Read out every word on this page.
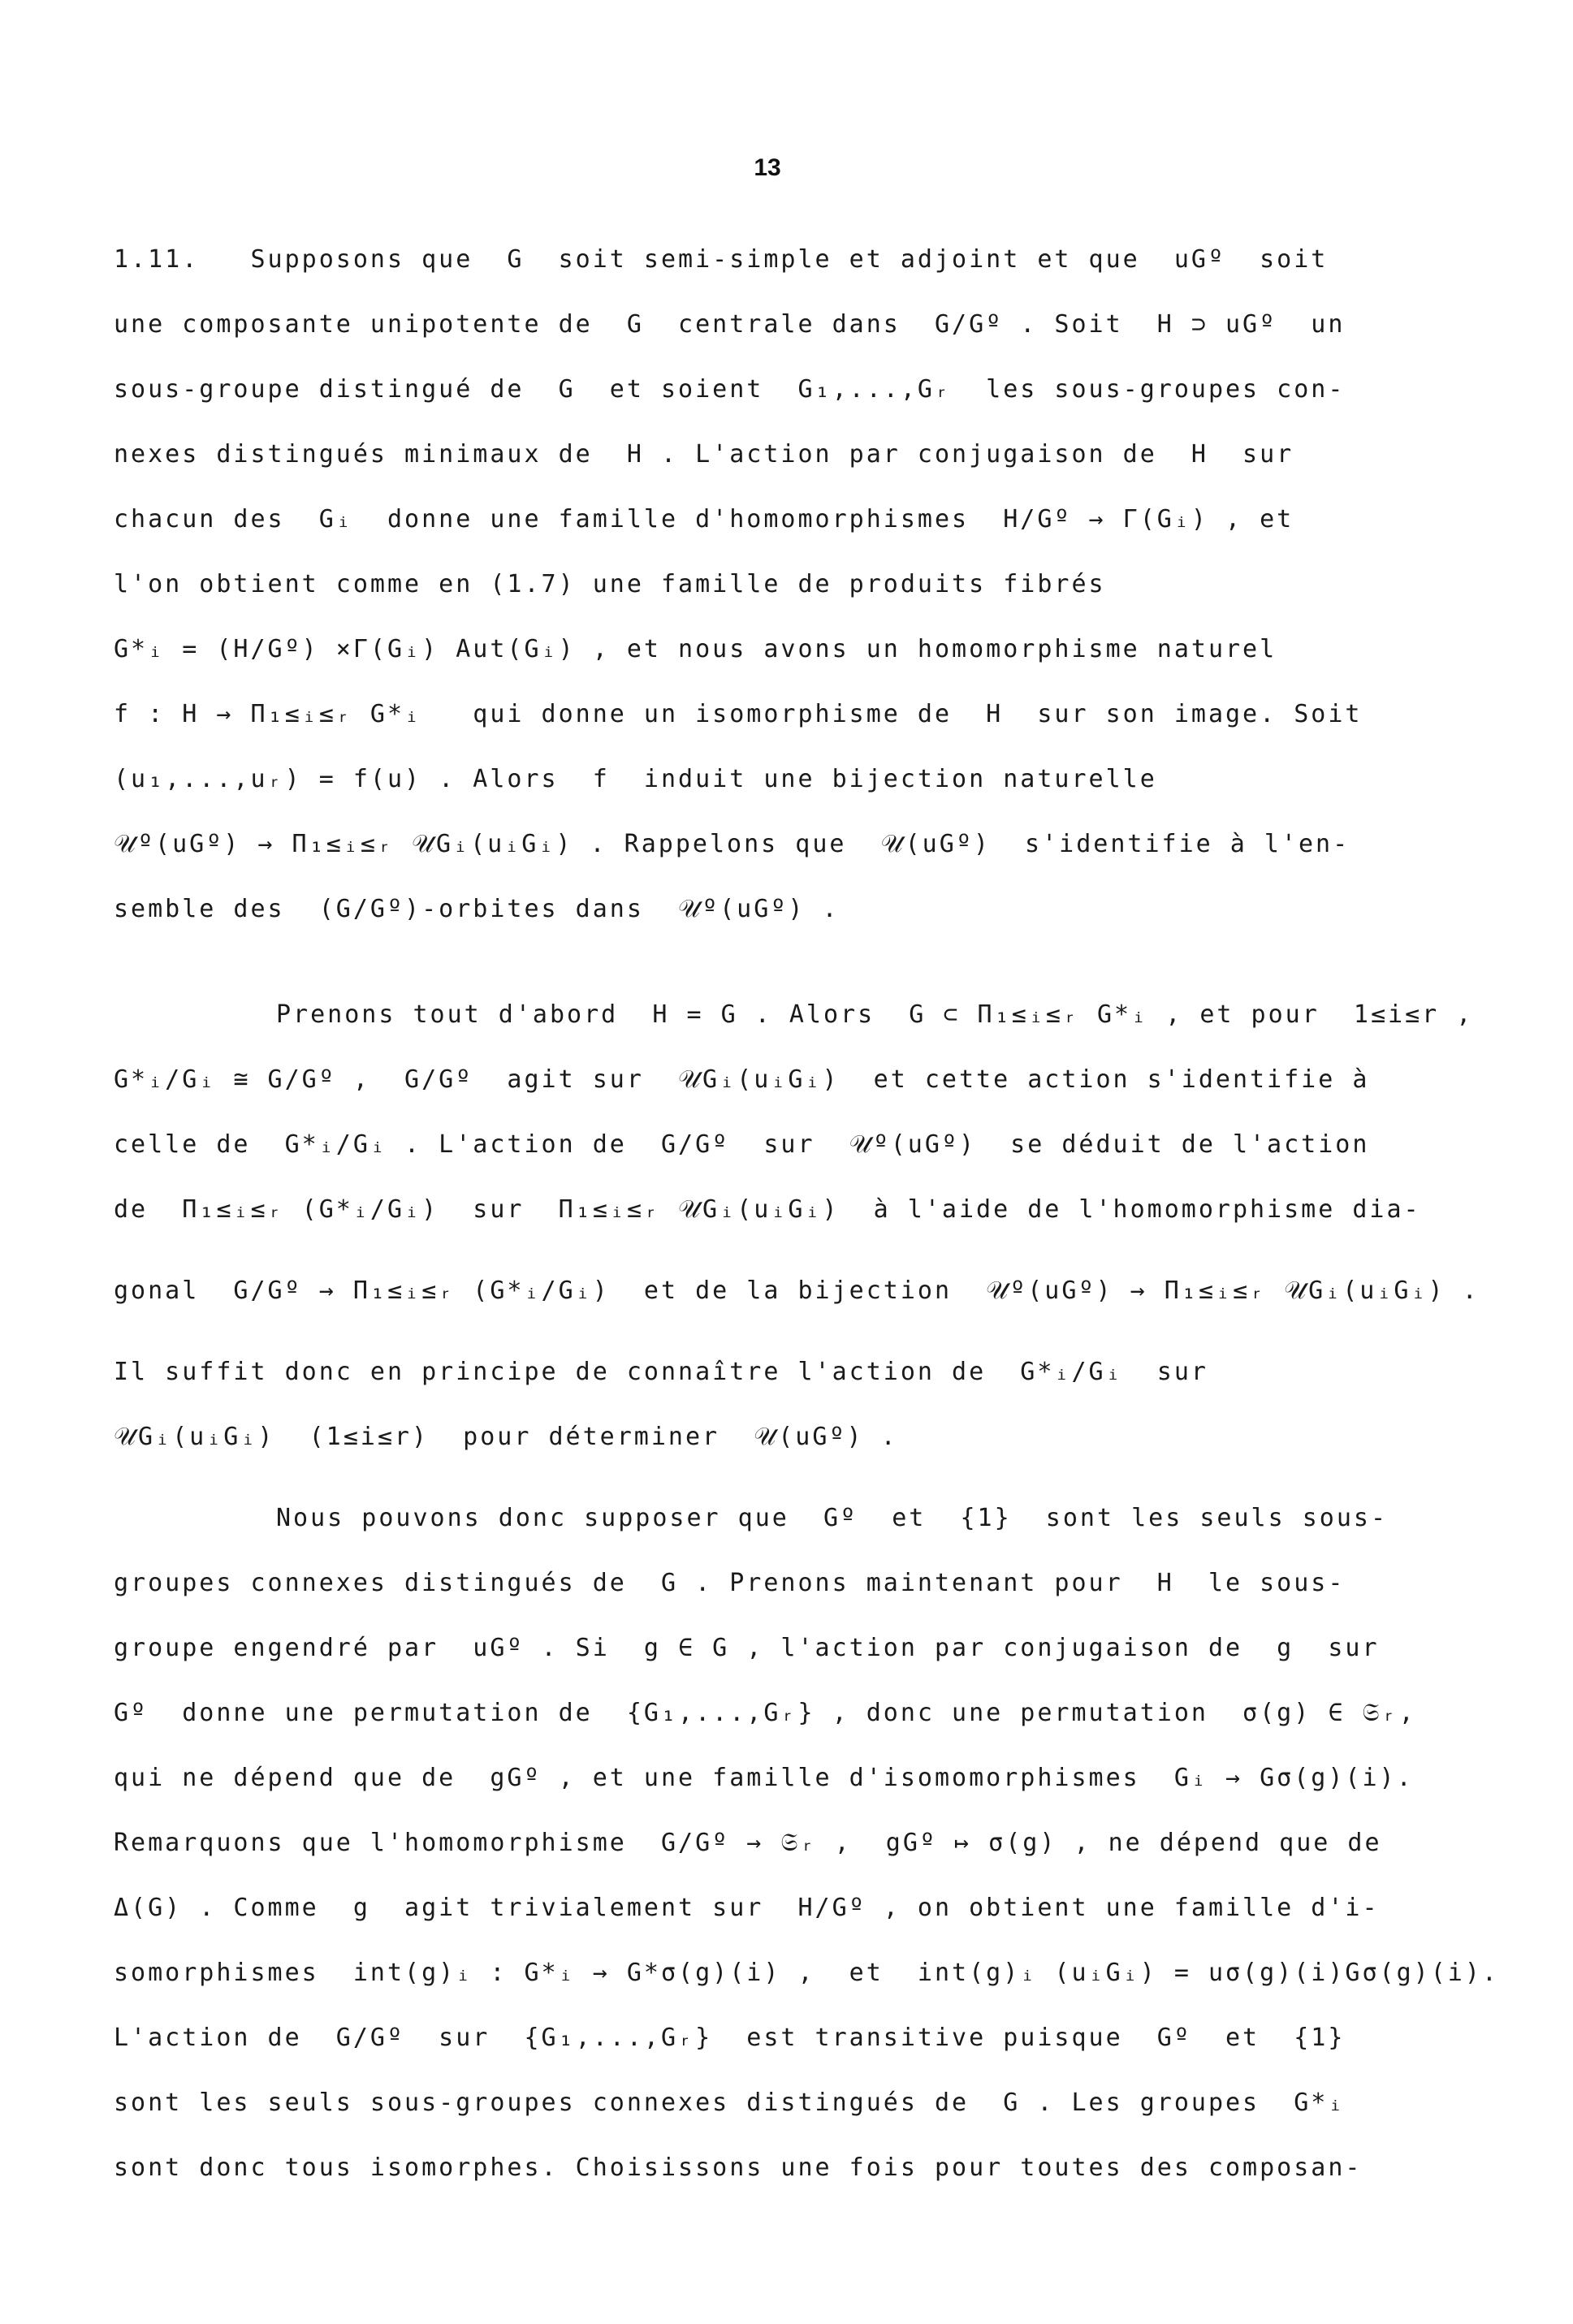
13
1.11.   Supposons que  G  soit semi-simple et adjoint et que  uGº  soit
une composante unipotente de  G  centrale dans  G/Gº . Soit  H ⊃ uGº  un
sous-groupe distingué de  G  et soient  G₁,...,Gᵣ  les sous-groupes con-
nexes distingués minimaux de  H . L'action par conjugaison de  H  sur
chacun des  Gᵢ  donne une famille d'homomorphismes  H/Gº → Γ(Gᵢ) , et
l'on obtient comme en (1.7) une famille de produits fibrés
G*ᵢ = (H/Gº) ×Γ(Gᵢ) Aut(Gᵢ) , et nous avons un homomorphisme naturel
f : H → Π₁≤ᵢ≤ᵣ G*ᵢ   qui donne un isomorphisme de  H  sur son image. Soit
(u₁,...,uᵣ) = f(u) . Alors  f  induit une bijection naturelle
𝒰º(uGº) → Π₁≤ᵢ≤ᵣ 𝒰Gᵢ(uᵢGᵢ) . Rappelons que  𝒰(uGº)  s'identifie à l'en-
semble des  (G/Gº)-orbites dans  𝒰º(uGº) .
Prenons tout d'abord  H = G . Alors  G ⊂ Π₁≤ᵢ≤ᵣ G*ᵢ , et pour  1≤i≤r ,
G*ᵢ/Gᵢ ≅ G/Gº ,  G/Gº  agit sur  𝒰Gᵢ(uᵢGᵢ)  et cette action s'identifie à
celle de  G*ᵢ/Gᵢ . L'action de  G/Gº  sur  𝒰º(uGº)  se déduit de l'action
de  Π₁≤ᵢ≤ᵣ (G*ᵢ/Gᵢ)  sur  Π₁≤ᵢ≤ᵣ 𝒰Gᵢ(uᵢGᵢ)  à l'aide de l'homomorphisme dia-
gonal  G/Gº → Π₁≤ᵢ≤ᵣ (G*ᵢ/Gᵢ)  et de la bijection  𝒰º(uGº) → Π₁≤ᵢ≤ᵣ 𝒰Gᵢ(uᵢGᵢ) .
Il suffit donc en principe de connaître l'action de  G*ᵢ/Gᵢ  sur
𝒰Gᵢ(uᵢGᵢ)  (1≤i≤r)  pour déterminer  𝒰(uGº) .
Nous pouvons donc supposer que  Gº  et  {1}  sont les seuls sous-
groupes connexes distingués de  G . Prenons maintenant pour  H  le sous-
groupe engendré par  uGº . Si  g ∈ G , l'action par conjugaison de  g  sur
Gº  donne une permutation de  {G₁,...,Gᵣ} , donc une permutation  σ(g) ∈ 𝔖ᵣ,
qui ne dépend que de  gGº , et une famille d'isomomorphismes  Gᵢ → Gσ(g)(i).
Remarquons que l'homomorphisme  G/Gº → 𝔖ᵣ ,  gGº ↦ σ(g) , ne dépend que de
Δ(G) . Comme  g  agit trivialement sur  H/Gº , on obtient une famille d'i-
somorphismes  int(g)ᵢ : G*ᵢ → G*σ(g)(i) ,  et  int(g)ᵢ (uᵢGᵢ) = uσ(g)(i)Gσ(g)(i).
L'action de  G/Gº  sur  {G₁,...,Gᵣ}  est transitive puisque  Gº  et  {1}
sont les seuls sous-groupes connexes distingués de  G . Les groupes  G*ᵢ
sont donc tous isomorphes. Choisissons une fois pour toutes des composan-
